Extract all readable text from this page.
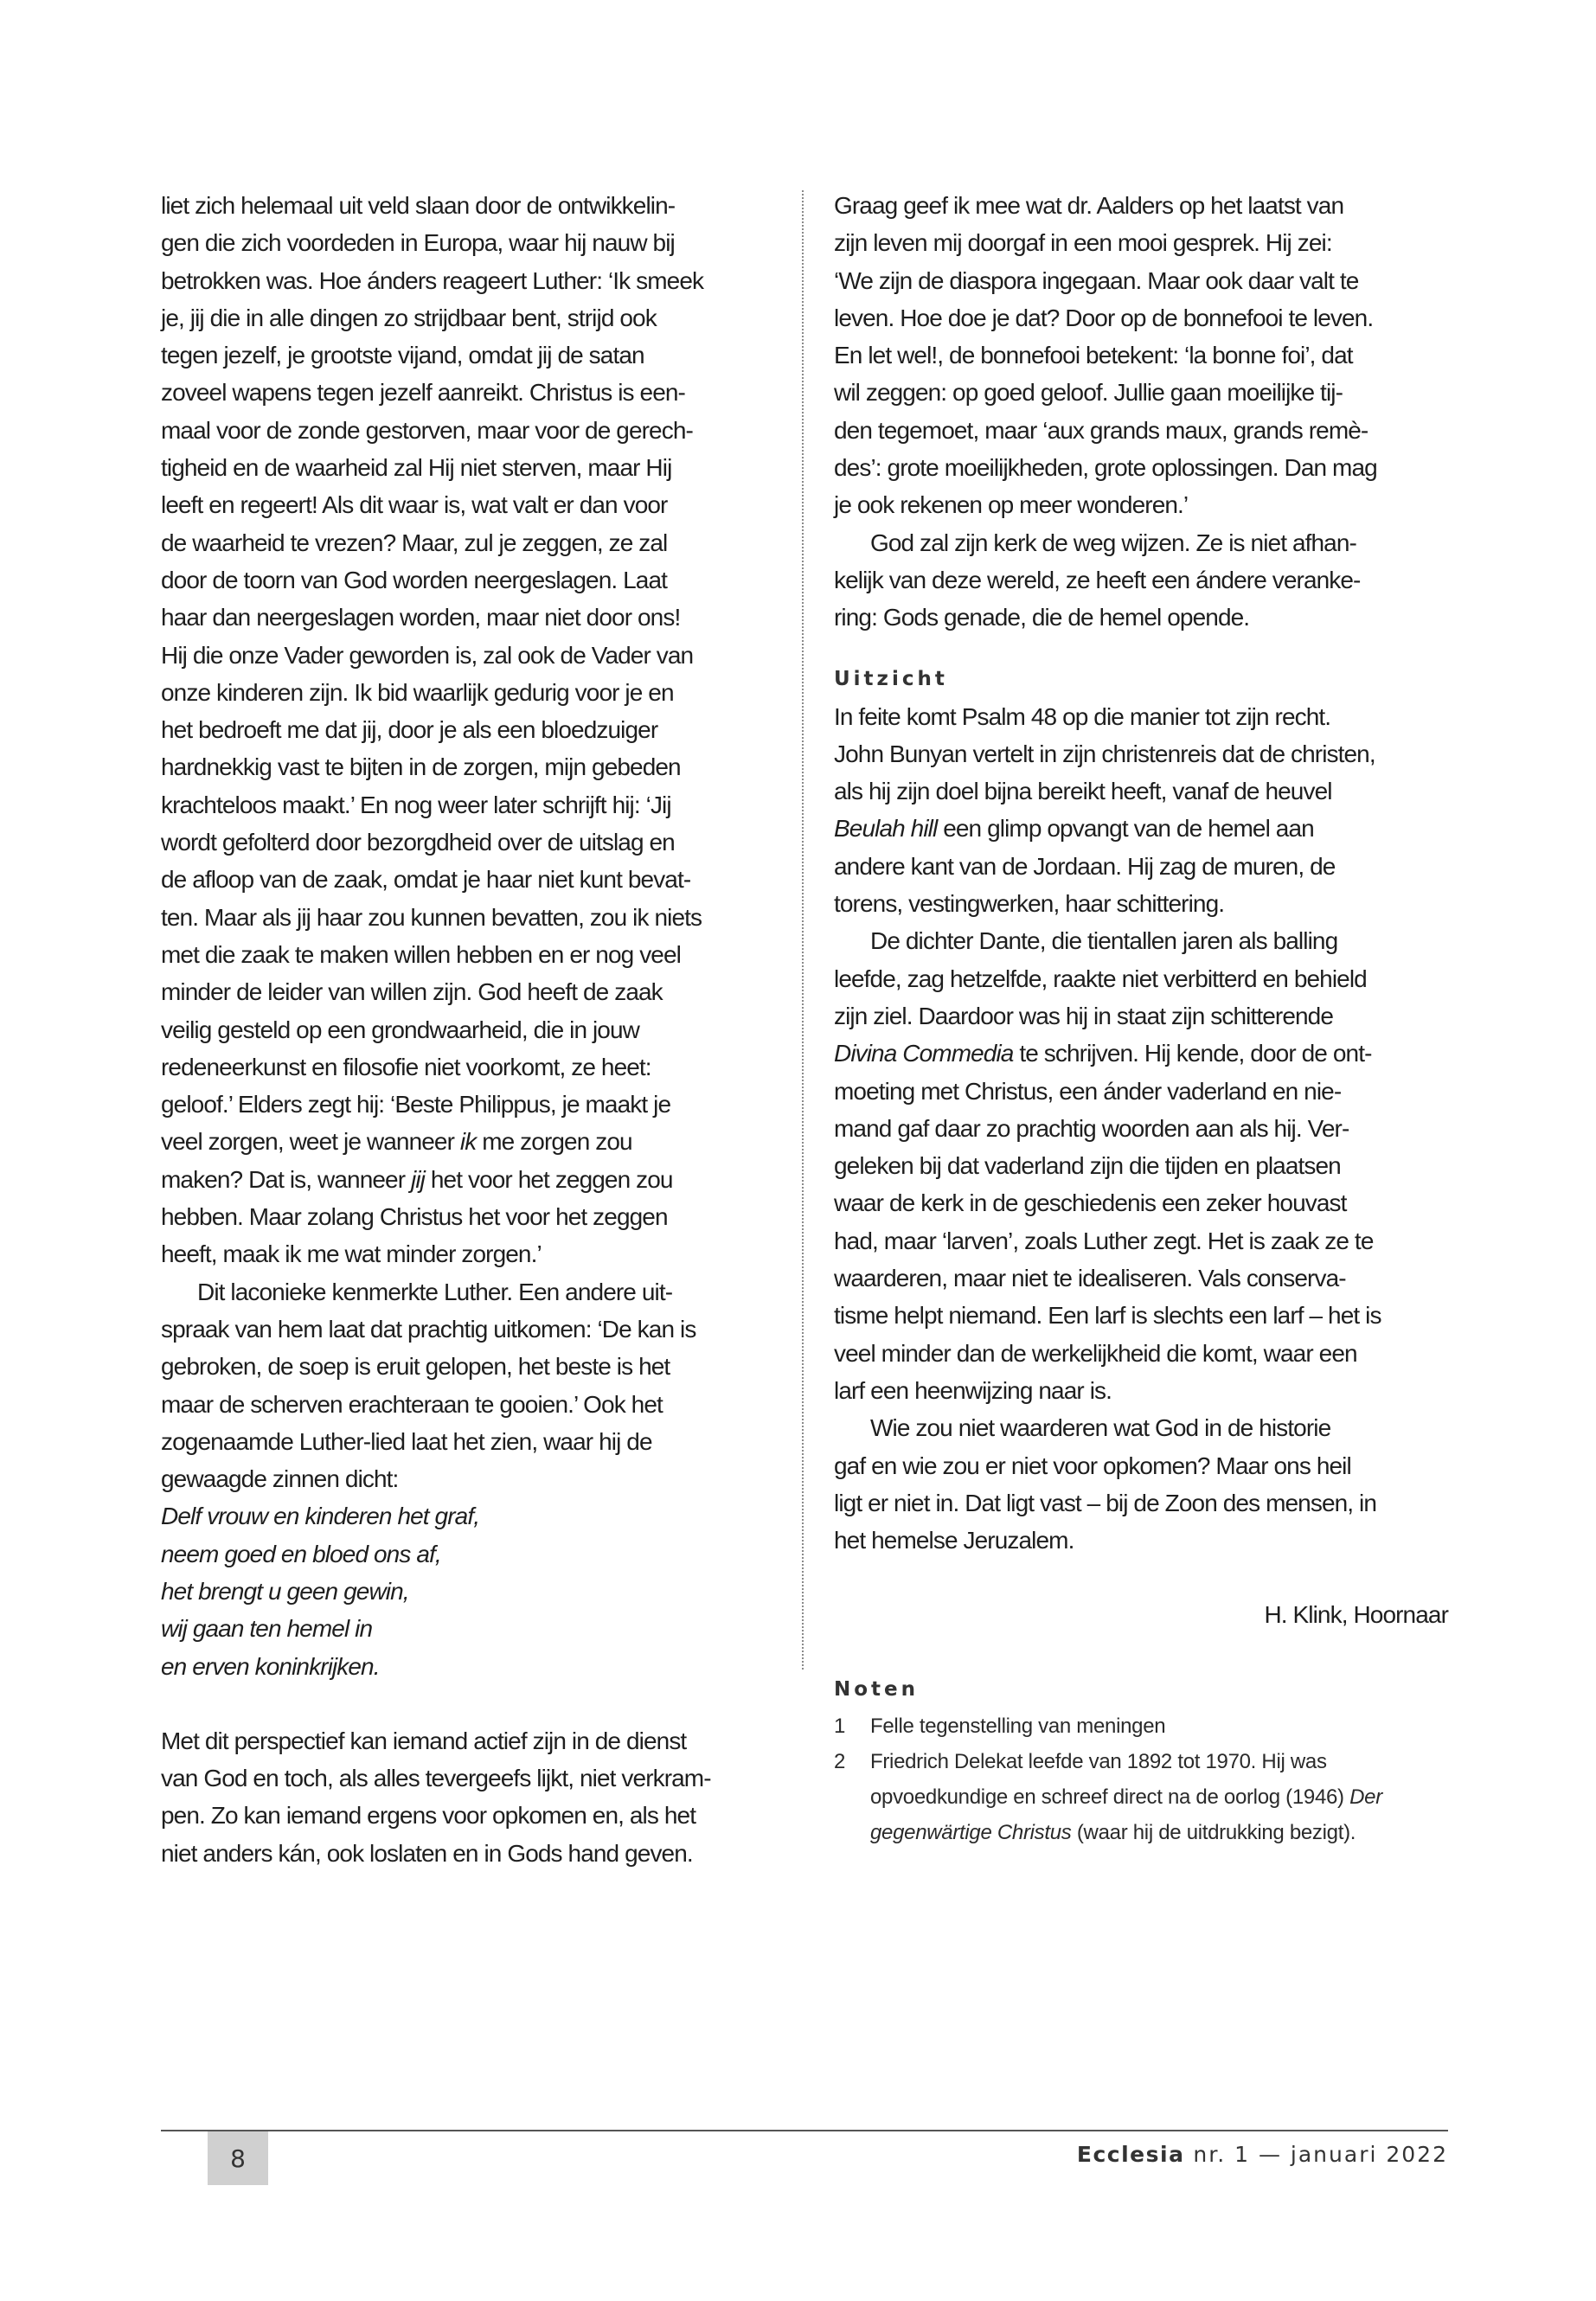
liet zich helemaal uit veld slaan door de ontwikkelin-
gen die zich voordeden in Europa, waar hij nauw bij
betrokken was. Hoe ánders reageert Luther: ‘Ik smeek
je, jij die in alle dingen zo strijdbaar bent, strijd ook
tegen jezelf, je grootste vijand, omdat jij de satan
zoveel wapens tegen jezelf aanreikt. Christus is een-
maal voor de zonde gestorven, maar voor de gerech-
tigheid en de waarheid zal Hij niet sterven, maar Hij
leeft en regeert! Als dit waar is, wat valt er dan voor
de waarheid te vrezen? Maar, zul je zeggen, ze zal
door de toorn van God worden neergeslagen. Laat
haar dan neergeslagen worden, maar niet door ons!
Hij die onze Vader geworden is, zal ook de Vader van
onze kinderen zijn. Ik bid waarlijk gedurig voor je en
het bedroeft me dat jij, door je als een bloedzuiger
hardnekkig vast te bijten in de zorgen, mijn gebeden
krachteloos maakt.’ En nog weer later schrijft hij: ‘Jij
wordt gefolterd door bezorgdheid over de uitslag en
de afloop van de zaak, omdat je haar niet kunt bevat-
ten. Maar als jij haar zou kunnen bevatten, zou ik niets
met die zaak te maken willen hebben en er nog veel
minder de leider van willen zijn. God heeft de zaak
veilig gesteld op een grondwaarheid, die in jouw
redeneerkunst en filosofie niet voorkomt, ze heet:
geloof.’ Elders zegt hij: ‘Beste Philippus, je maakt je
veel zorgen, weet je wanneer ik me zorgen zou
maken? Dat is, wanneer jij het voor het zeggen zou
hebben. Maar zolang Christus het voor het zeggen
heeft, maak ik me wat minder zorgen.’

Dit laconieke kenmerkte Luther. Een andere uit-
spraak van hem laat dat prachtig uitkomen: ‘De kan is
gebroken, de soep is eruit gelopen, het beste is het
maar de scherven erachteraan te gooien.’ Ook het
zogenaamde Luther-lied laat het zien, waar hij de
gewaagde zinnen dicht:

Delf vrouw en kinderen het graf,
neem goed en bloed ons af,
het brengt u geen gewin,
wij gaan ten hemel in
en erven koninkrijken.

Met dit perspectief kan iemand actief zijn in de dienst
van God en toch, als alles tevergeefs lijkt, niet verkram-
pen. Zo kan iemand ergens voor opkomen en, als het
niet anders kán, ook loslaten en in Gods hand geven.

Graag geef ik mee wat dr. Aalders op het laatst van
zijn leven mij doorgaf in een mooi gesprek. Hij zei:
‘We zijn de diaspora ingegaan. Maar ook daar valt te
leven. Hoe doe je dat? Door op de bonnefooi te leven.
En let wel!, de bonnefooi betekent: ‘la bonne foi’, dat
wil zeggen: op goed geloof. Jullie gaan moeilijke tij-
den tegemoet, maar ‘aux grands maux, grands remè-
des’: grote moeilijkheden, grote oplossingen. Dan mag
je ook rekenen op meer wonderen.’

God zal zijn kerk de weg wijzen. Ze is niet afhan-
kelijk van deze wereld, ze heeft een ándere veranke-
ring: Gods genade, die de hemel opende.

Uitzicht

In feite komt Psalm 48 op die manier tot zijn recht.
John Bunyan vertelt in zijn christenreis dat de christen,
als hij zijn doel bijna bereikt heeft, vanaf de heuvel
Beulah hill een glimp opvangt van de hemel aan
andere kant van de Jordaan. Hij zag de muren, de
torens, vestingwerken, haar schittering.

De dichter Dante, die tientallen jaren als balling
leefde, zag hetzelfde, raakte niet verbitterd en behield
zijn ziel. Daardoor was hij in staat zijn schitterende
Divina Commedia te schrijven. Hij kende, door de ont-
moeting met Christus, een ánder vaderland en nie-
mand gaf daar zo prachtig woorden aan als hij. Ver-
geleken bij dat vaderland zijn die tijden en plaatsen
waar de kerk in de geschiedenis een zeker houvast
had, maar ‘larven’, zoals Luther zegt. Het is zaak ze te
waarderen, maar niet te idealiseren. Vals conserva-
tisme helpt niemand. Een larf is slechts een larf – het is
veel minder dan de werkelijkheid die komt, waar een
larf een heenwijzing naar is.

Wie zou niet waarderen wat God in de historie
gaf en wie zou er niet voor opkomen? Maar ons heil
ligt er niet in. Dat ligt vast – bij de Zoon des mensen, in
het hemelse Jeruzalem.

H. Klink, Hoornaar

Noten
1	Felle tegenstelling van meningen
2	Friedrich Delekat leefde van 1892 tot 1970. Hij was
opvoedkundige en schreef direct na de oorlog (1946) Der
gegenwärtige Christus (waar hij de uitdrukking bezigt).
8	Ecclesia nr. 1 — januari 2022
